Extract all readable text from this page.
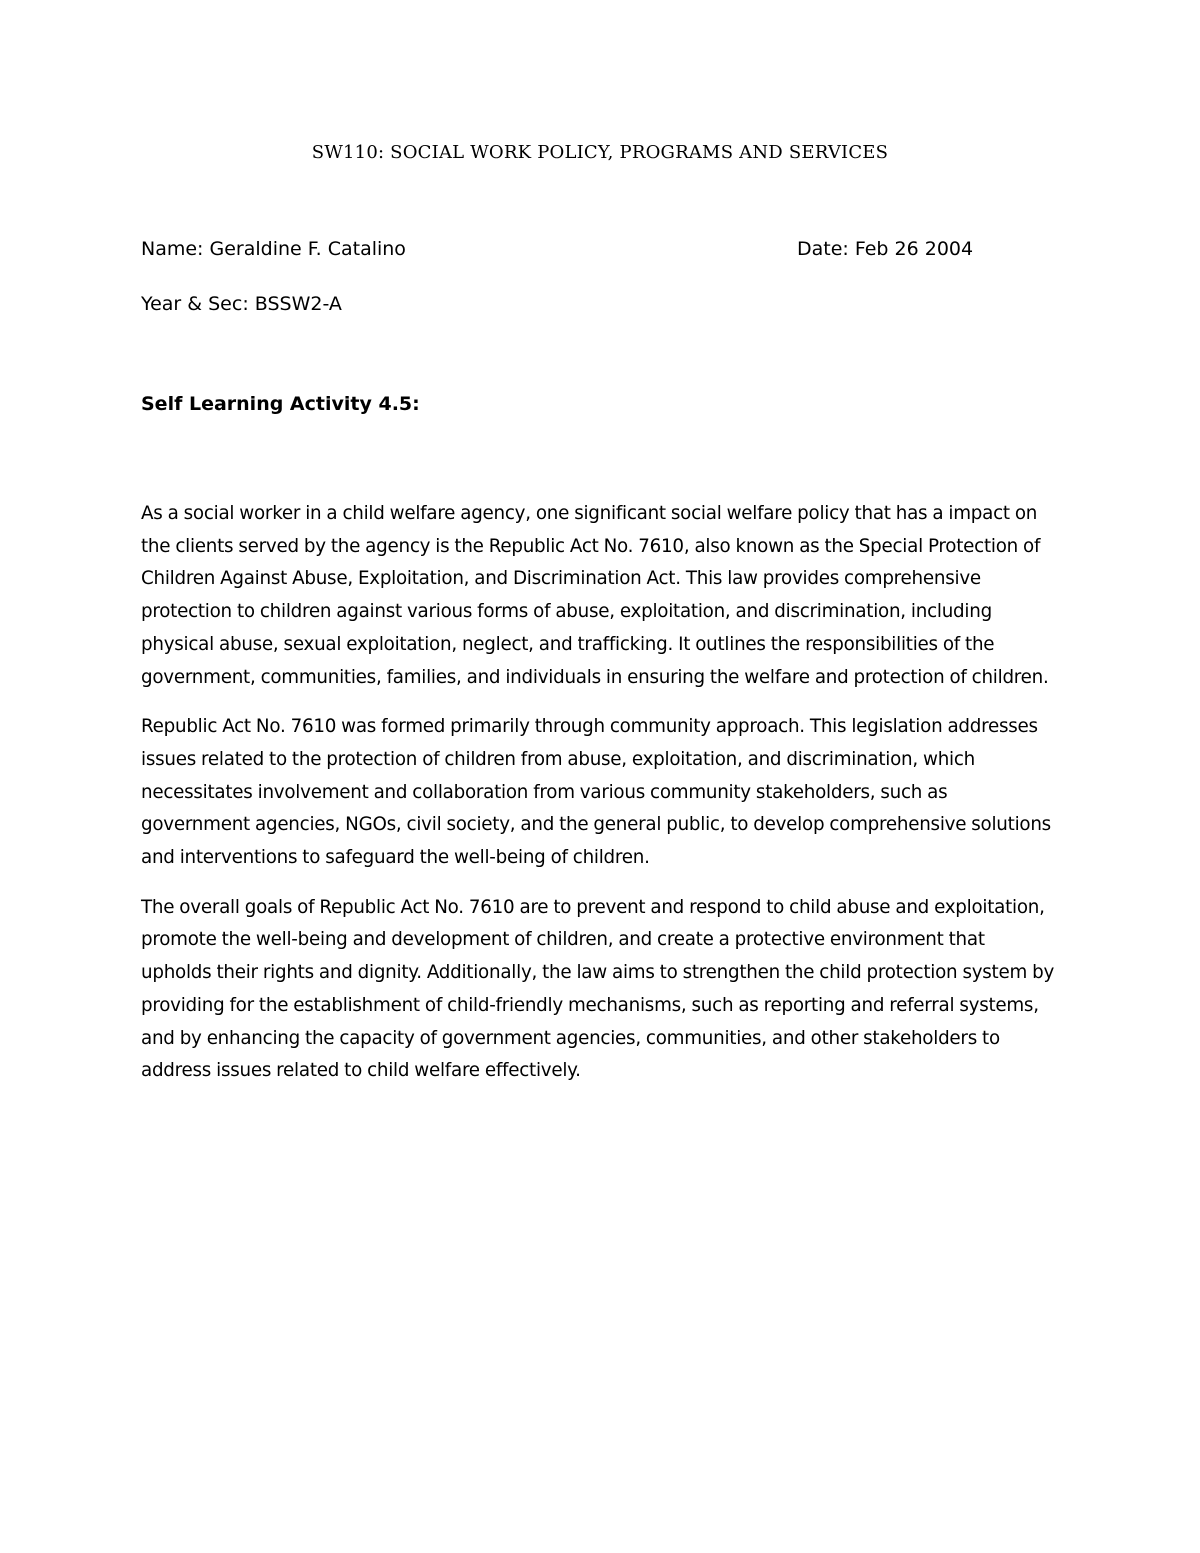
SW110: SOCIAL WORK POLICY, PROGRAMS AND SERVICES

Name: Geraldine F. Catalino	Date: Feb 26 2004

Year & Sec: BSSW2-A

Self Learning Activity 4.5:

As a social worker in a child welfare agency, one significant social welfare policy that has a impact on the clients served by the agency is the Republic Act No. 7610, also known as the Special Protection of Children Against Abuse, Exploitation, and Discrimination Act. This law provides comprehensive protection to children against various forms of abuse, exploitation, and discrimination, including physical abuse, sexual exploitation, neglect, and trafficking. It outlines the responsibilities of the government, communities, families, and individuals in ensuring the welfare and protection of children.

Republic Act No. 7610 was formed primarily through community approach. This legislation addresses issues related to the protection of children from abuse, exploitation, and discrimination, which necessitates involvement and collaboration from various community stakeholders, such as government agencies, NGOs, civil society, and the general public, to develop comprehensive solutions and interventions to safeguard the well-being of children.

The overall goals of Republic Act No. 7610 are to prevent and respond to child abuse and exploitation, promote the well-being and development of children, and create a protective environment that upholds their rights and dignity. Additionally, the law aims to strengthen the child protection system by providing for the establishment of child-friendly mechanisms, such as reporting and referral systems, and by enhancing the capacity of government agencies, communities, and other stakeholders to address issues related to child welfare effectively.
